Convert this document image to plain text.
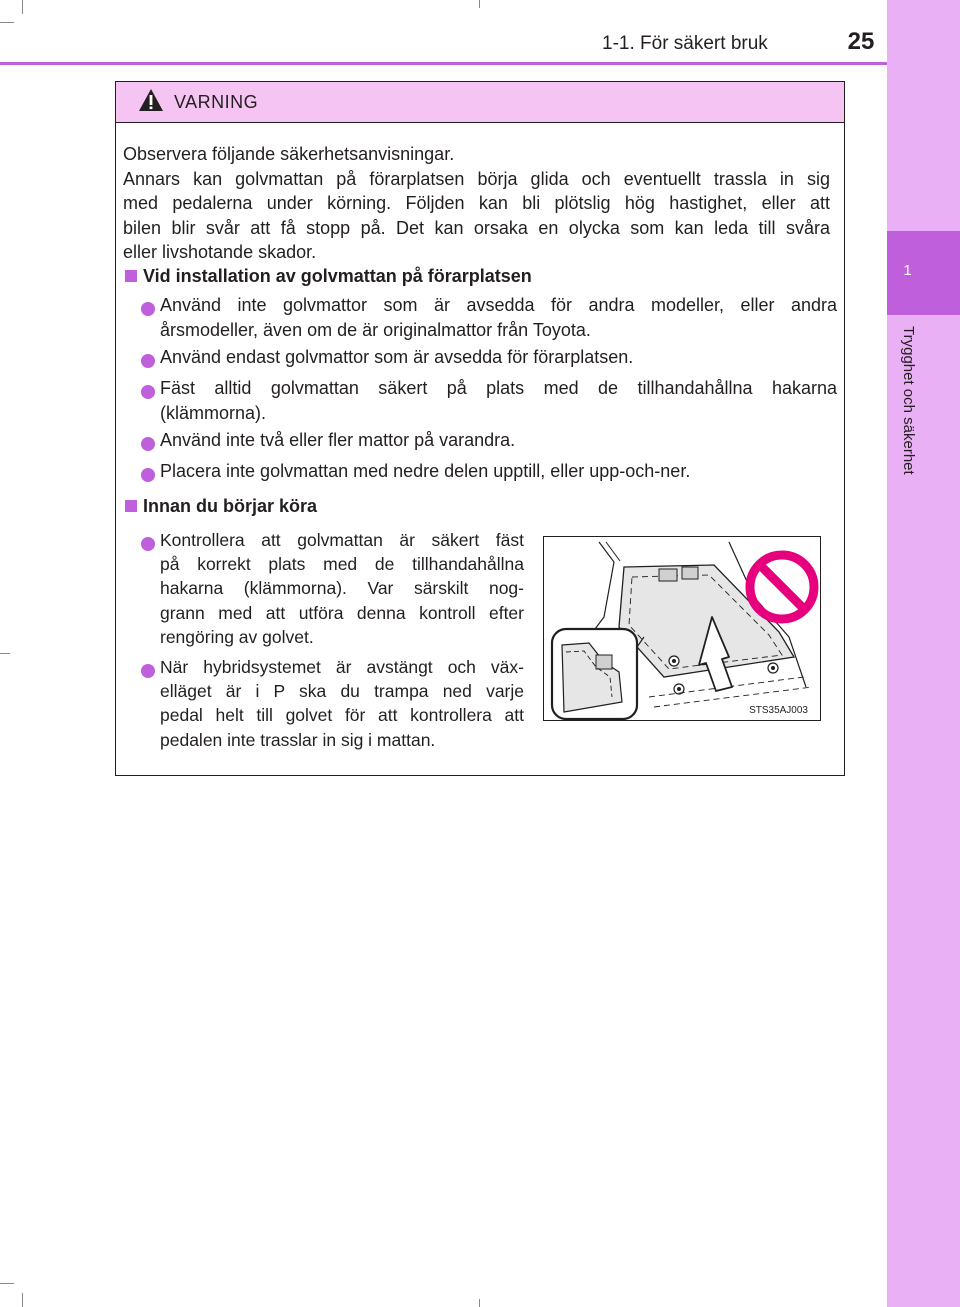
1
Trygghet och säkerhet
1-1. För säkert bruk	25
VARNING
Observera följande säkerhetsanvisningar.
Annars kan golvmattan på förarplatsen börja glida och eventuellt trassla in sig
med pedalerna under körning. Följden kan bli plötslig hög hastighet, eller att
bilen blir svår att få stopp på. Det kan orsaka en olycka som kan leda till svåra
eller livshotande skador.
Vid installation av golvmattan på förarplatsen
Använd inte golvmattor som är avsedda för andra modeller, eller andra
årsmodeller, även om de är originalmattor från Toyota.
Använd endast golvmattor som är avsedda för förarplatsen.
Fäst alltid golvmattan säkert på plats med de tillhandahållna hakarna
(klämmorna).
Använd inte två eller fler mattor på varandra.
Placera inte golvmattan med nedre delen upptill, eller upp-och-ner.
Innan du börjar köra
Kontrollera att golvmattan är säkert fäst
på korrekt plats med de tillhandahållna
hakarna (klämmorna). Var särskilt nog-
grann med att utföra denna kontroll efter
rengöring av golvet.
När hybridsystemet är avstängt och väx-
elläget är i P ska du trampa ned varje
pedal helt till golvet för att kontrollera att
pedalen inte trasslar in sig i mattan.
STS35AJ003
